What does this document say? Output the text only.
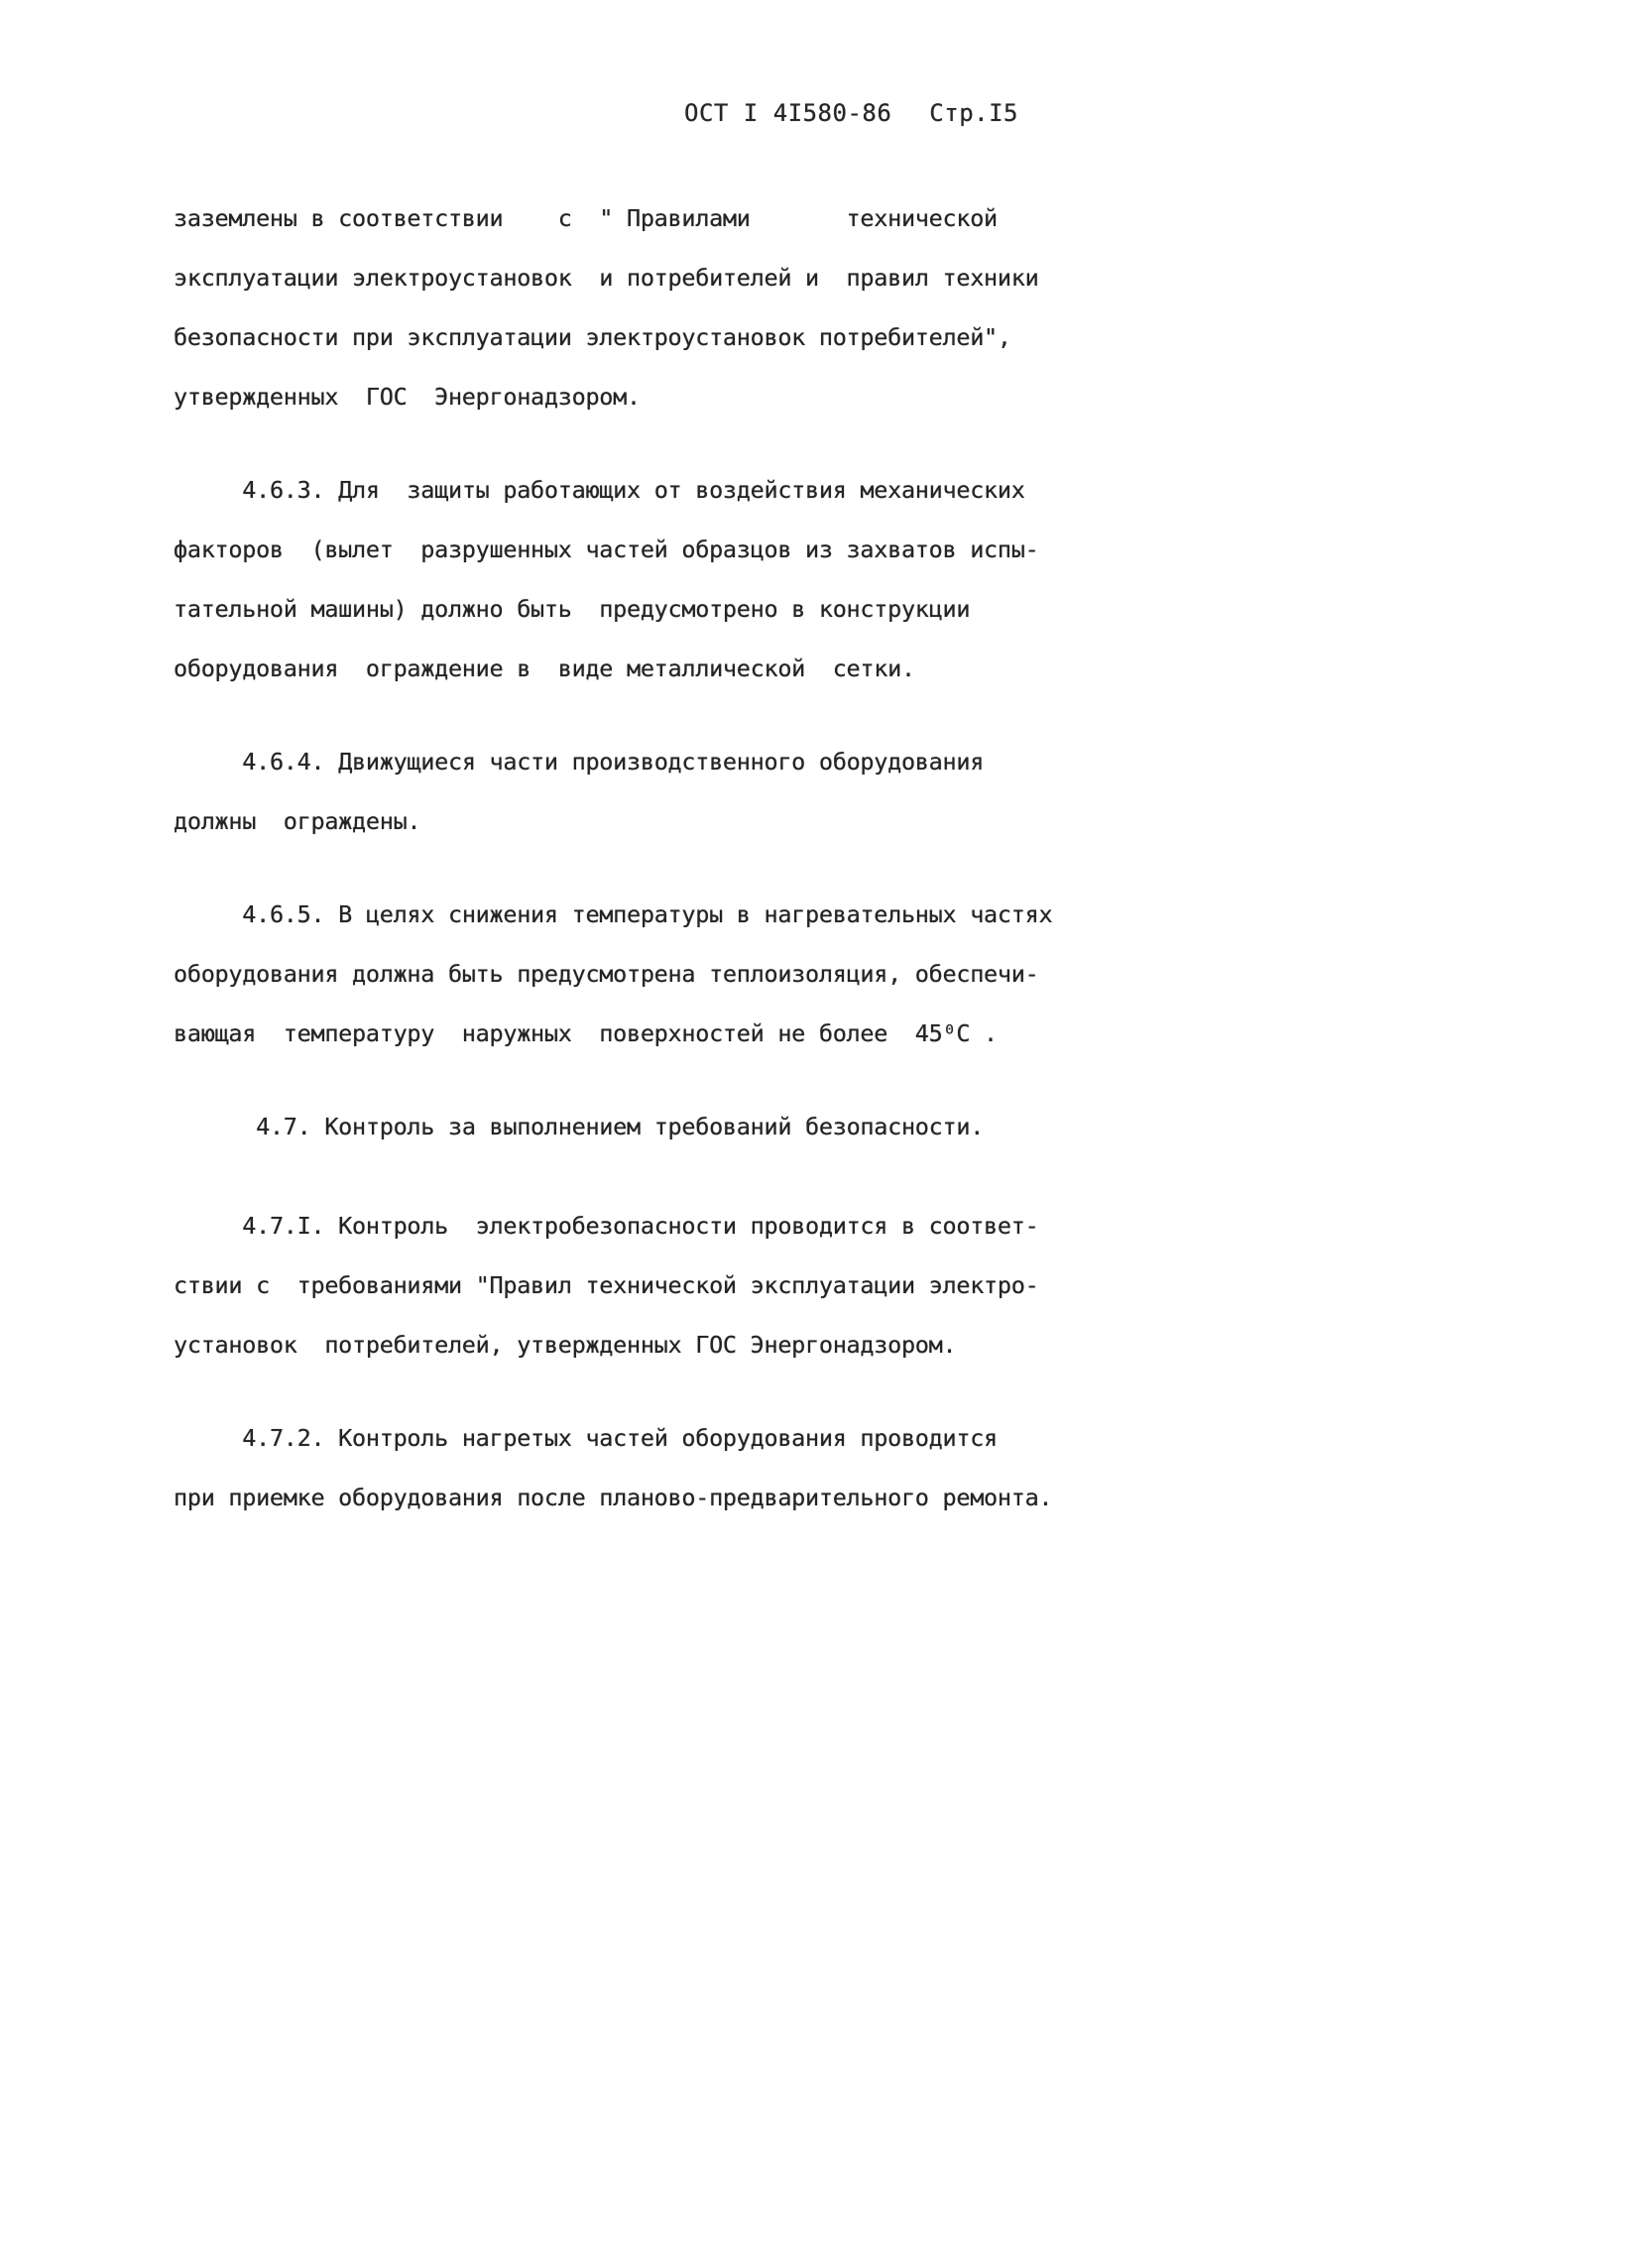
ОСТ I 4I580-86 Стр.I5
заземлены в соответствии    с  " Правилами       технической
эксплуатации электроустановок  и потребителей и  правил техники
безопасности при эксплуатации электроустановок потребителей",
утвержденных  ГОС  Энергонадзором.
4.6.3. Для  защиты работающих от воздействия механических
факторов  (вылет  разрушенных частей образцов из захватов испы-
тательной машины) должно быть  предусмотрено в конструкции
оборудования  ограждение в  виде металлической  сетки.
4.6.4. Движущиеся части производственного оборудования
должны  ограждены.
4.6.5. В целях снижения температуры в нагревательных частях
оборудования должна быть предусмотрена теплоизоляция, обеспечи-
вающая  температуру  наружных  поверхностей не более  45⁰С .
4.7. Контроль за выполнением требований безопасности.
4.7.I. Контроль  электробезопасности проводится в соответ-
ствии с  требованиями "Правил технической эксплуатации электро-
установок  потребителей, утвержденных ГОС Энергонадзором.
4.7.2. Контроль нагретых частей оборудования проводится
при приемке оборудования после планово-предварительного ремонта.
